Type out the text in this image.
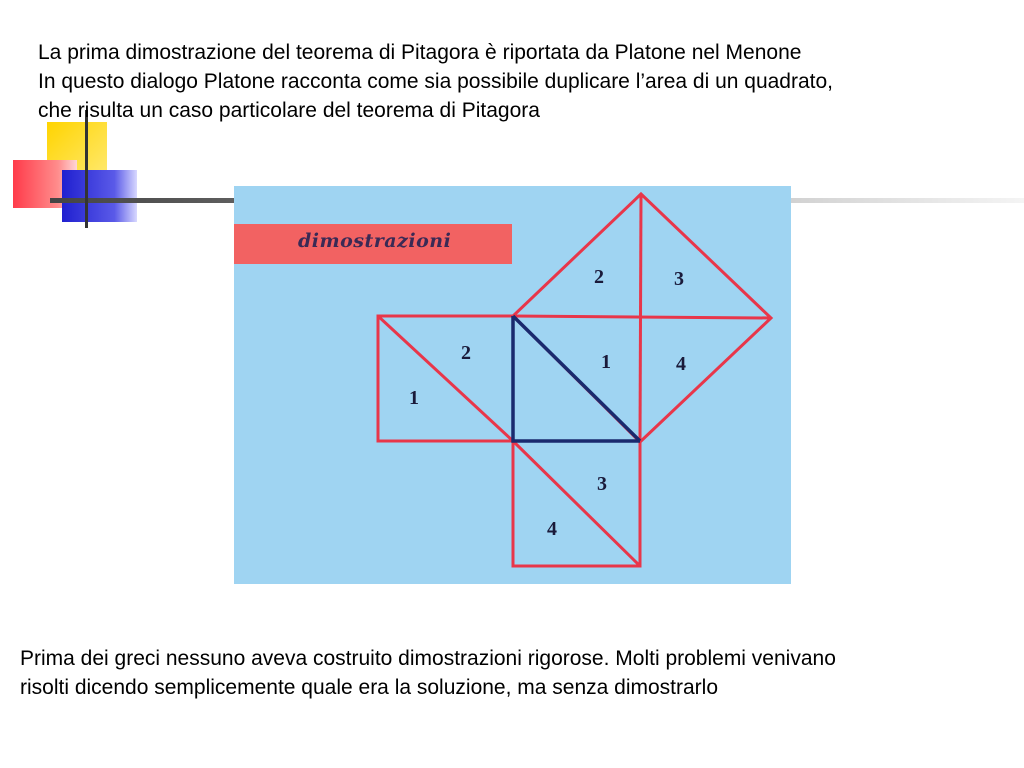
La prima dimostrazione del teorema di Pitagora è riportata da Platone nel Menone
In questo dialogo Platone racconta come sia possibile duplicare l’area di un quadrato,
che risulta un caso particolare del teorema di Pitagora
dimostrazioni
1
2	1
2	3
4
3
4
Prima dei greci nessuno aveva costruito dimostrazioni rigorose. Molti problemi venivano
risolti dicendo semplicemente quale era la soluzione, ma senza dimostrarlo
